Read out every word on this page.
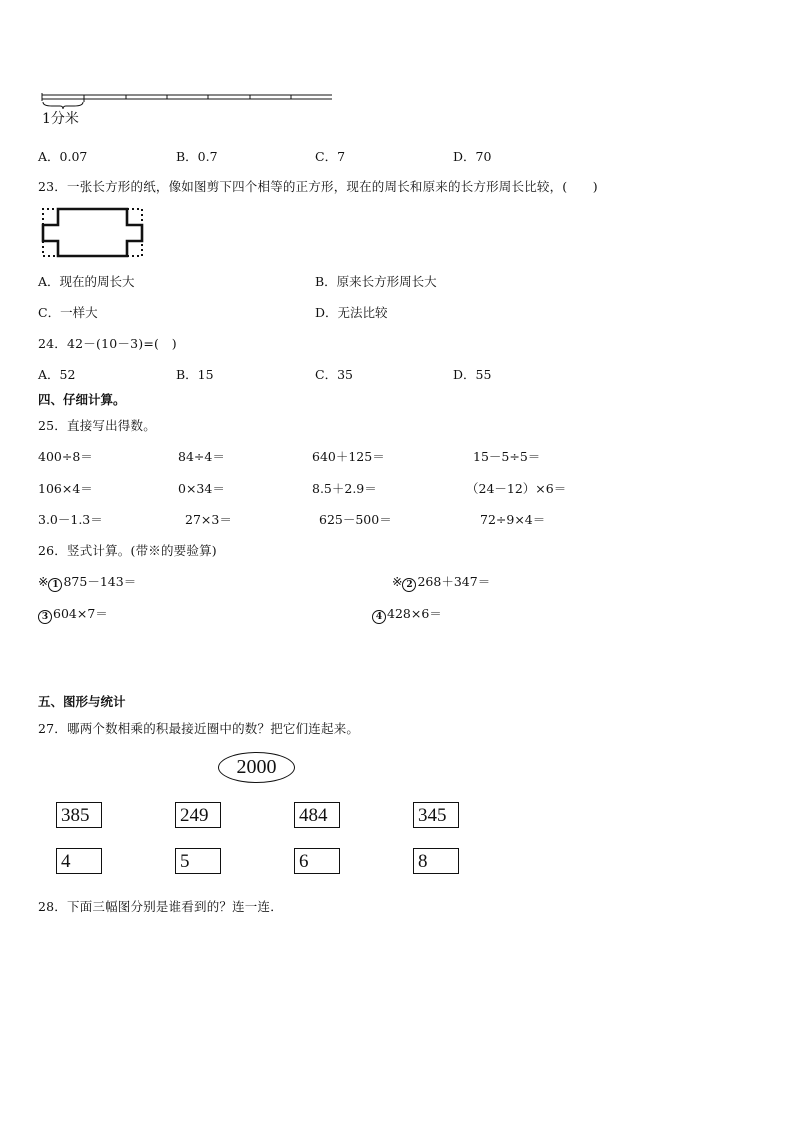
1分米
A．0.07	B．0.7	C．7	D．70
23．一张长方形的纸，像如图剪下四个相等的正方形，现在的周长和原来的长方形周长比较，(　　)
A．现在的周长大	B．原来长方形周长大
C．一样大	D．无法比较
24．42－(10－3)=(　)
A．52	B．15	C．35	D．55
四、仔细计算。
25．直接写出得数。
400÷8＝	84÷4＝	640＋125＝	15－5÷5＝
106×4＝	0×34＝	8.5＋2.9＝	（24－12）×6＝
3.0－1.3＝	27×3＝	625－500＝	72÷9×4＝
26．竖式计算。(带※的要验算)
※ 1 875－143＝	※ 2 268＋347＝
3 604×7＝	4 428×6＝
五、图形与统计
27．哪两个数相乘的积最接近圈中的数？把它们连起来。
2000
385	249	484	345
4	5	6	8
28．下面三幅图分别是谁看到的？连一连．
